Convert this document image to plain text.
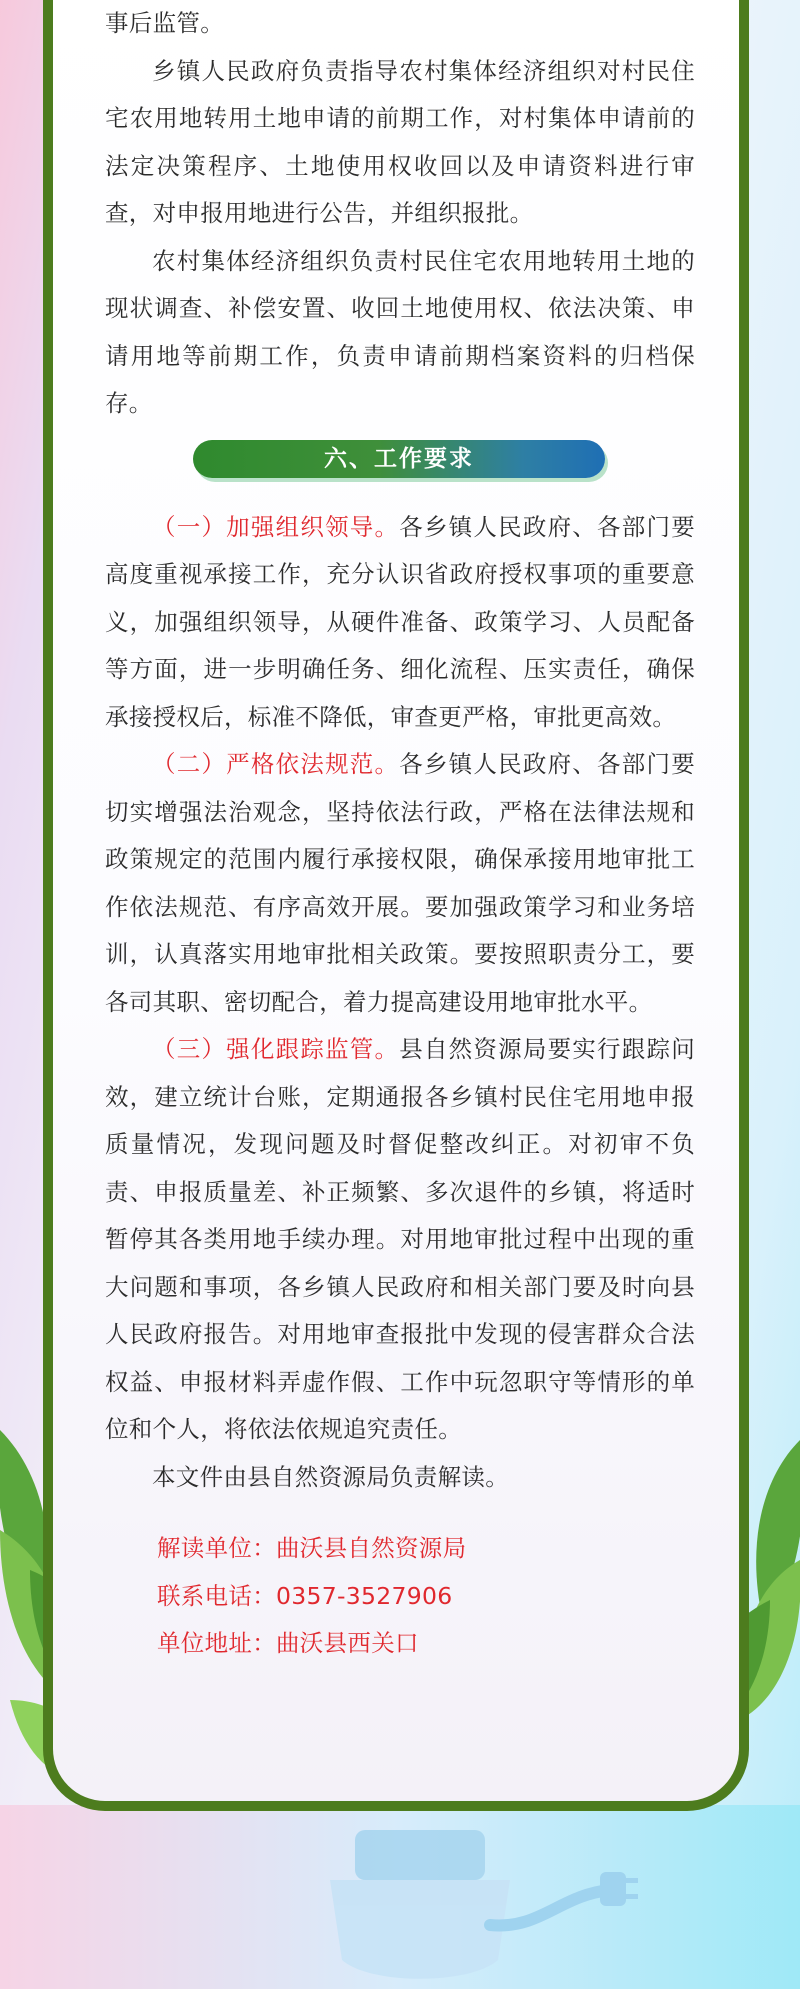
事后监管。

乡镇人民政府负责指导农村集体经济组织对村民住宅农用地转用土地申请的前期工作，对村集体申请前的法定决策程序、土地使用权收回以及申请资料进行审查，对申报用地进行公告，并组织报批。

农村集体经济组织负责村民住宅农用地转用土地的现状调查、补偿安置、收回土地使用权、依法决策、申请用地等前期工作，负责申请前期档案资料的归档保存。

六、工作要求

（一）加强组织领导。各乡镇人民政府、各部门要高度重视承接工作，充分认识省政府授权事项的重要意义，加强组织领导，从硬件准备、政策学习、人员配备等方面，进一步明确任务、细化流程、压实责任，确保承接授权后，标准不降低，审查更严格，审批更高效。

（二）严格依法规范。各乡镇人民政府、各部门要切实增强法治观念，坚持依法行政，严格在法律法规和政策规定的范围内履行承接权限，确保承接用地审批工作依法规范、有序高效开展。要加强政策学习和业务培训，认真落实用地审批相关政策。要按照职责分工，要各司其职、密切配合，着力提高建设用地审批水平。

（三）强化跟踪监管。县自然资源局要实行跟踪问效，建立统计台账，定期通报各乡镇村民住宅用地申报质量情况，发现问题及时督促整改纠正。对初审不负责、申报质量差、补正频繁、多次退件的乡镇，将适时暂停其各类用地手续办理。对用地审批过程中出现的重大问题和事项，各乡镇人民政府和相关部门要及时向县人民政府报告。对用地审查报批中发现的侵害群众合法权益、申报材料弄虚作假、工作中玩忽职守等情形的单位和个人，将依法依规追究责任。

本文件由县自然资源局负责解读。

解读单位：曲沃县自然资源局

联系电话：0357-3527906

单位地址：曲沃县西关口
